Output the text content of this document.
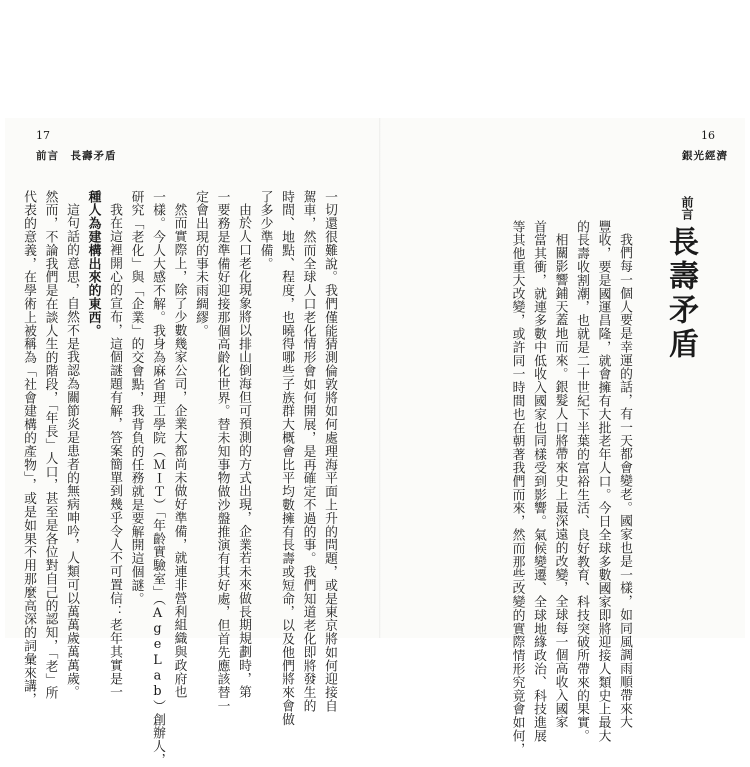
17
前言　長壽矛盾

一切還很難說。我們僅能猜測倫敦將如何處理海平面上升的問題，或是東京將如何迎接自

駕車，然而全球人口老化情形會如何開展，是再確定不過的事。我們知道老化即將發生的

時間、地點、程度，也曉得哪些子族群大概會比平均數擁有長壽或短命，以及他們將來會做

了多少準備。

由於人口老化現象將以排山倒海但可預測的方式出現，企業若未來做長期規劃時，第

一要務是準備好迎接那個高齡化世界。替未知事物做沙盤推演有其好處，但首先應該替一

定會出現的事未雨綢繆。

然而實際上，除了少數幾家公司，企業大都尚未做好準備，就連非營利組織與政府也

一樣。今人大感不解。我身為麻省理工學院（ＭＩＴ）「年齡實驗室」（AgeLab）創辦人，

研究「老化」與「企業」的交會點，我背負的任務就是要解開這個謎。

我在這裡開心的宣布，這個謎題有解，答案簡單到幾乎令人不可置信：老年其實是一

種人為建構出來的東西。

這句話的意思，自然不是我認為關節炎是患者的無病呻吟，人類可以萬萬歲萬萬歲。

然而，不論我們是在談人生的階段，「年長」人口，甚至是各位對自己的認知，「老」所

代表的意義，在學術上被稱為「社會建構的產物」，或是如果不用那麼高深的詞彙來講，

16
銀光經濟
前言
長壽矛盾

我們每一個人要是幸運的話，有一天都會變老。國家也是一樣，如同風調雨順帶來大

豐收，要是國運昌隆，就會擁有大批老年人口。今日全球多數國家即將迎接人類史上最大

的長壽收割潮，也就是二十世紀下半葉的富裕生活、良好教育、科技突破所帶來的果實。

相關影響鋪天蓋地而來。銀髮人口將帶來史上最深遠的改變，全球每一個高收入國家

首當其衝，就連多數中低收入國家也同樣受到影響。氣候變遷、全球地緣政治、科技進展

等其他重大改變，或許同一時間也在朝著我們而來，然而那些改變的實際情形究竟會如何，
